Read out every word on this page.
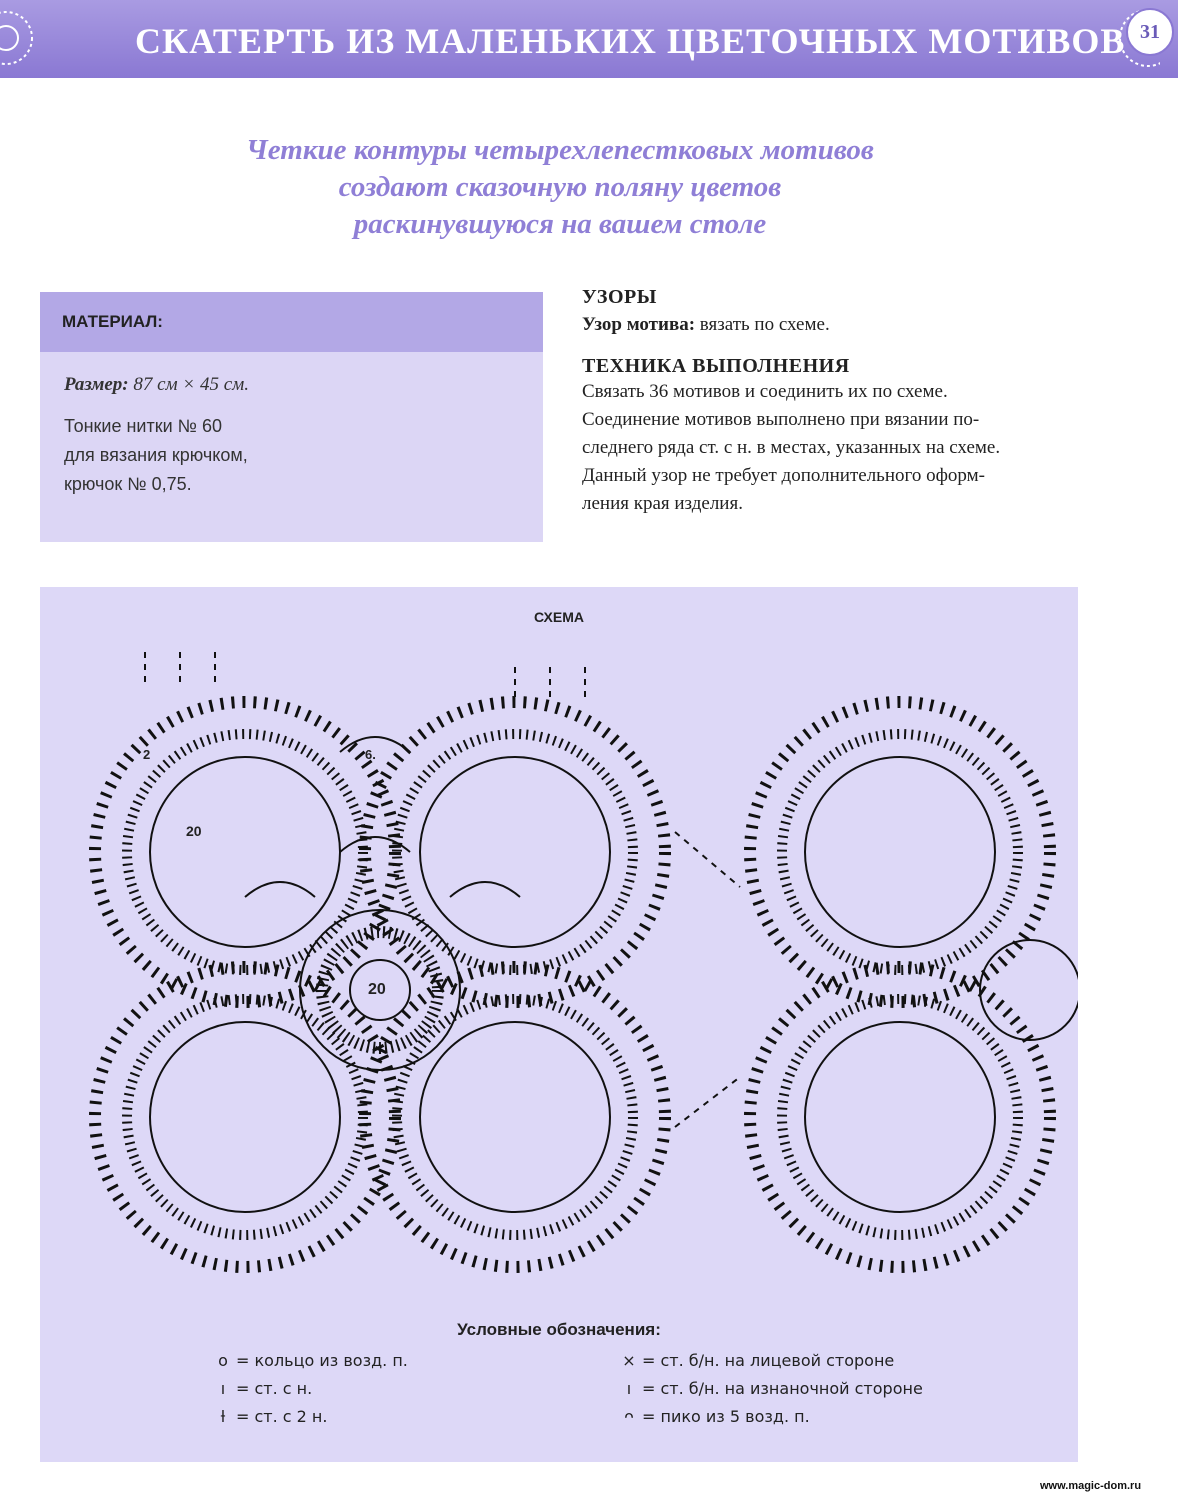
СКАТЕРТЬ ИЗ МАЛЕНЬКИХ ЦВЕТОЧНЫХ МОТИВОВ 31
Четкие контуры четырехлепестковых мотивов
создают сказочную поляну цветов
раскинувшуюся на вашем столе
МАТЕРИАЛ:
Размер: 87 см × 45 см.
Тонкие нитки № 60
для вязания крючком,
крючок № 0,75.
УЗОРЫ
Узор мотива: вязать по схеме.
ТЕХНИКА ВЫПОЛНЕНИЯ
Связать 36 мотивов и соединить их по схеме.
Соединение мотивов выполнено при вязании по-
следнего ряда ст. с н. в местах, указанных на схеме.
Данный узор не требует дополнительного оформ-
ления края изделия.
СХЕМА
20
20
6.
2
Условные обозначения:
o = кольцо из возд. п.
ı = ст. с н.
ƚ = ст. с 2 н.
× = ст. б/н. на лицевой стороне
ı = ст. б/н. на изнаночной стороне
ᴖ = пико из 5 возд. п.
www.magic-dom.ru
